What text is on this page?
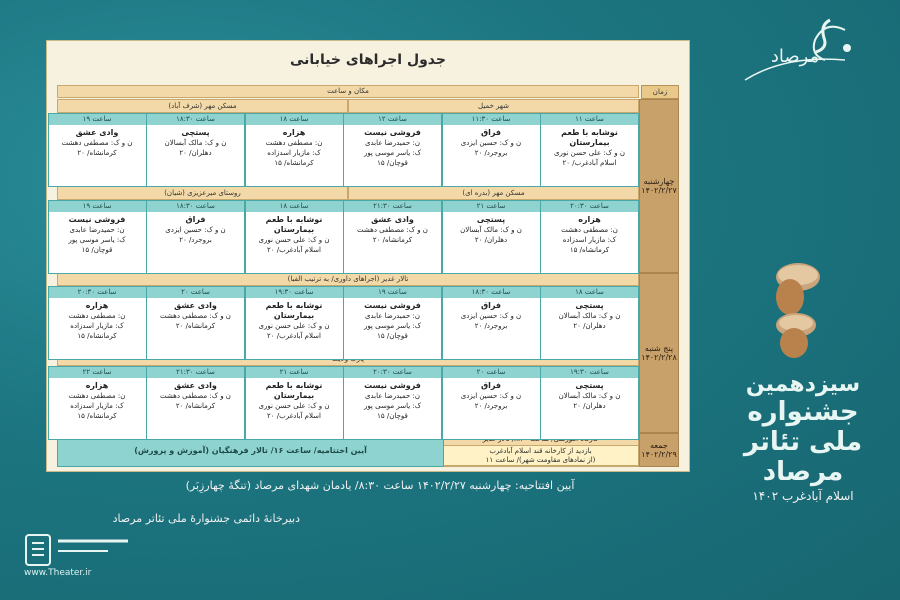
مرصاد
سیزدهمین
جشنواره
ملی تئاتر
مرصاد
اسلام آبادغرب ۱۴۰۲
جدول اجراهای خیابانی
زمان
چهارشنبه ۱۴۰۲/۲/۲۷
پنج شنبه ۱۴۰۲/۲/۲۸
جمعه ۱۴۰۲/۲/۲۹
مکان و ساعت
شهر خمیل
مسکن مهر (شرف آباد)
مسکن مهر (بدره ای)
روستای میرعزیزی (شیان)
تالار غدیر (اجراهای داوری/ به ترتیب الفبا)
بازدید از کارخانه قند اسلام آبادغرب
(از نمادهای مقاومت شهر)/ ساعت ۱۱
آیین اختتامیه/ ساعت ۱۶/ تالار فرهنگیان (آموزش و پرورش)
ساعت ۱۱
نوشابه با طعم بیمارستان
ن و ک: علی حسن نوری
اسلام آبادغرب/ ۲۰
ساعت ۱۱:۳۰
فراق
ن و ک: حسین ایزدی
بروجرد/ ۲۰
ساعت ۱۲
فروشی نیست
ن: حمیدرضا عابدی
ک: یاسر موسی پور
قوچان/ ۱۵
ساعت ۱۸
هزاره
ن: مصطفی دهشت
ک: مازیار اسدزاده
کرمانشاه/ ۱۵
ساعت ۱۸:۳۰
پستچی
ن و ک: مالک آبسالان
دهلران/ ۲۰
ساعت ۱۹
وادی عشق
ن و ک: مصطفی دهشت
کرمانشاه/ ۲۰
ساعت ۲۰:۳۰
هزاره
ن: مصطفی دهشت
ک: مازیار اسدزاده
کرمانشاه/ ۱۵
ساعت ۲۱
پستچی
ن و ک: مالک آبسالان
دهلران/ ۲۰
ساعت ۲۱:۳۰
وادی عشق
ن و ک: مصطفی دهشت
کرمانشاه/ ۲۰
ساعت ۱۸
نوشابه با طعم بیمارستان
ن و ک: علی حسن نوری
اسلام آبادغرب/ ۲۰
ساعت ۱۸:۳۰
فراق
ن و ک: حسین ایزدی
بروجرد/ ۲۰
ساعت ۱۹
فروشی نیست
ن: حمیدرضا عابدی
ک: یاسر موسی پور
قوچان/ ۱۵
ساعت ۱۸
پستچی
ن و ک: مالک آبسالان
دهلران/ ۲۰
ساعت ۱۸:۳۰
فراق
ن و ک: حسین ایزدی
بروجرد/ ۲۰
ساعت ۱۹
فروشی نیست
ن: حمیدرضا عابدی
ک: یاسر موسی پور
قوچان/ ۱۵
ساعت ۱۹:۳۰
نوشابه با طعم بیمارستان
ن و ک: علی حسن نوری
اسلام آبادغرب/ ۲۰
ساعت ۲۰
وادی عشق
ن و ک: مصطفی دهشت
کرمانشاه/ ۲۰
ساعت ۲۰:۳۰
هزاره
ن: مصطفی دهشت
ک: مازیار اسدزاده
کرمانشاه/ ۱۵
ساعت ۱۹:۳۰
پستچی
ن و ک: مالک آبسالان
دهلران/ ۲۰
ساعت ۲۰
فراق
ن و ک: حسین ایزدی
بروجرد/ ۲۰
ساعت ۲۰:۳۰
فروشی نیست
ن: حمیدرضا عابدی
ک: یاسر موسی پور
قوچان/ ۱۵
ساعت ۲۱
نوشابه با طعم بیمارستان
ن و ک: علی حسن نوری
اسلام آبادغرب/ ۲۰
ساعت ۲۱:۳۰
وادی عشق
ن و ک: مصطفی دهشت
کرمانشاه/ ۲۰
ساعت ۲۲
هزاره
ن: مصطفی دهشت
ک: مازیار اسدزاده
کرمانشاه/ ۱۵
آیین افتتاحیه: چهارشنبه ۱۴۰۲/۲/۲۷ ساعت ۸:۳۰/ یادمان شهدای مرصاد (تنگهٔ چهارزِبَر)
دبیرخانهٔ دائمی جشنوارهٔ ملی تئاتر مرصاد
www.Theater.ir
